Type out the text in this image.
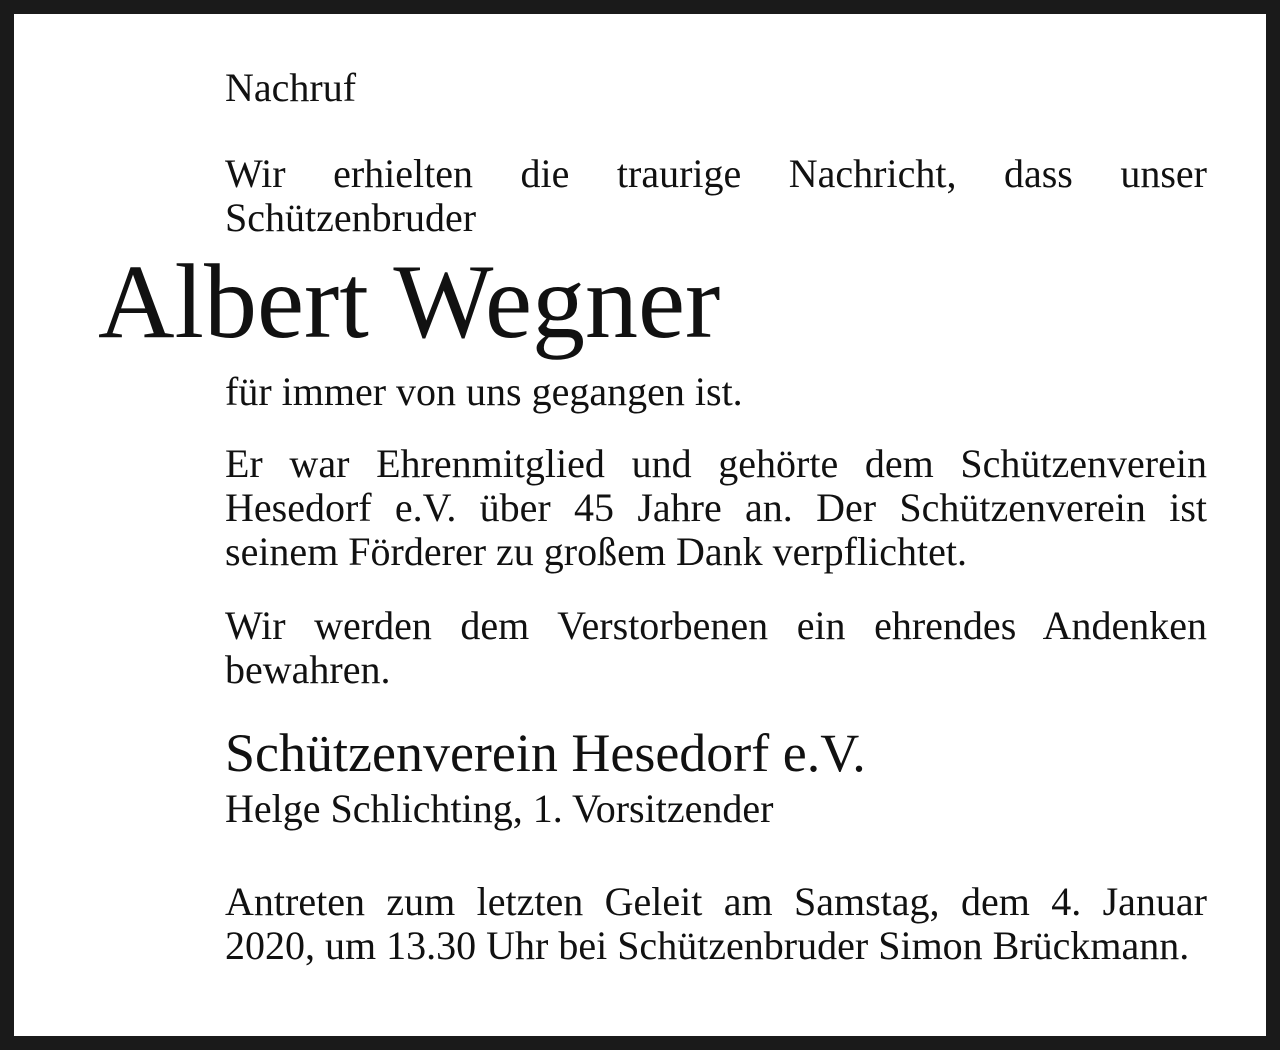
Nachruf

Wir erhielten die traurige Nachricht, dass unser Schützenbruder

Albert Wegner

für immer von uns gegangen ist.

Er war Ehrenmitglied und gehörte dem Schützenverein Hesedorf e.V. über 45 Jahre an. Der Schützenverein ist seinem Förderer zu großem Dank verpflichtet.

Wir werden dem Verstorbenen ein ehrendes Andenken bewahren.

Schützenverein Hesedorf e.V.

Helge Schlichting, 1. Vorsitzender

Antreten zum letzten Geleit am Samstag, dem 4. Januar 2020, um 13.30 Uhr bei Schützenbruder Simon Brückmann.
